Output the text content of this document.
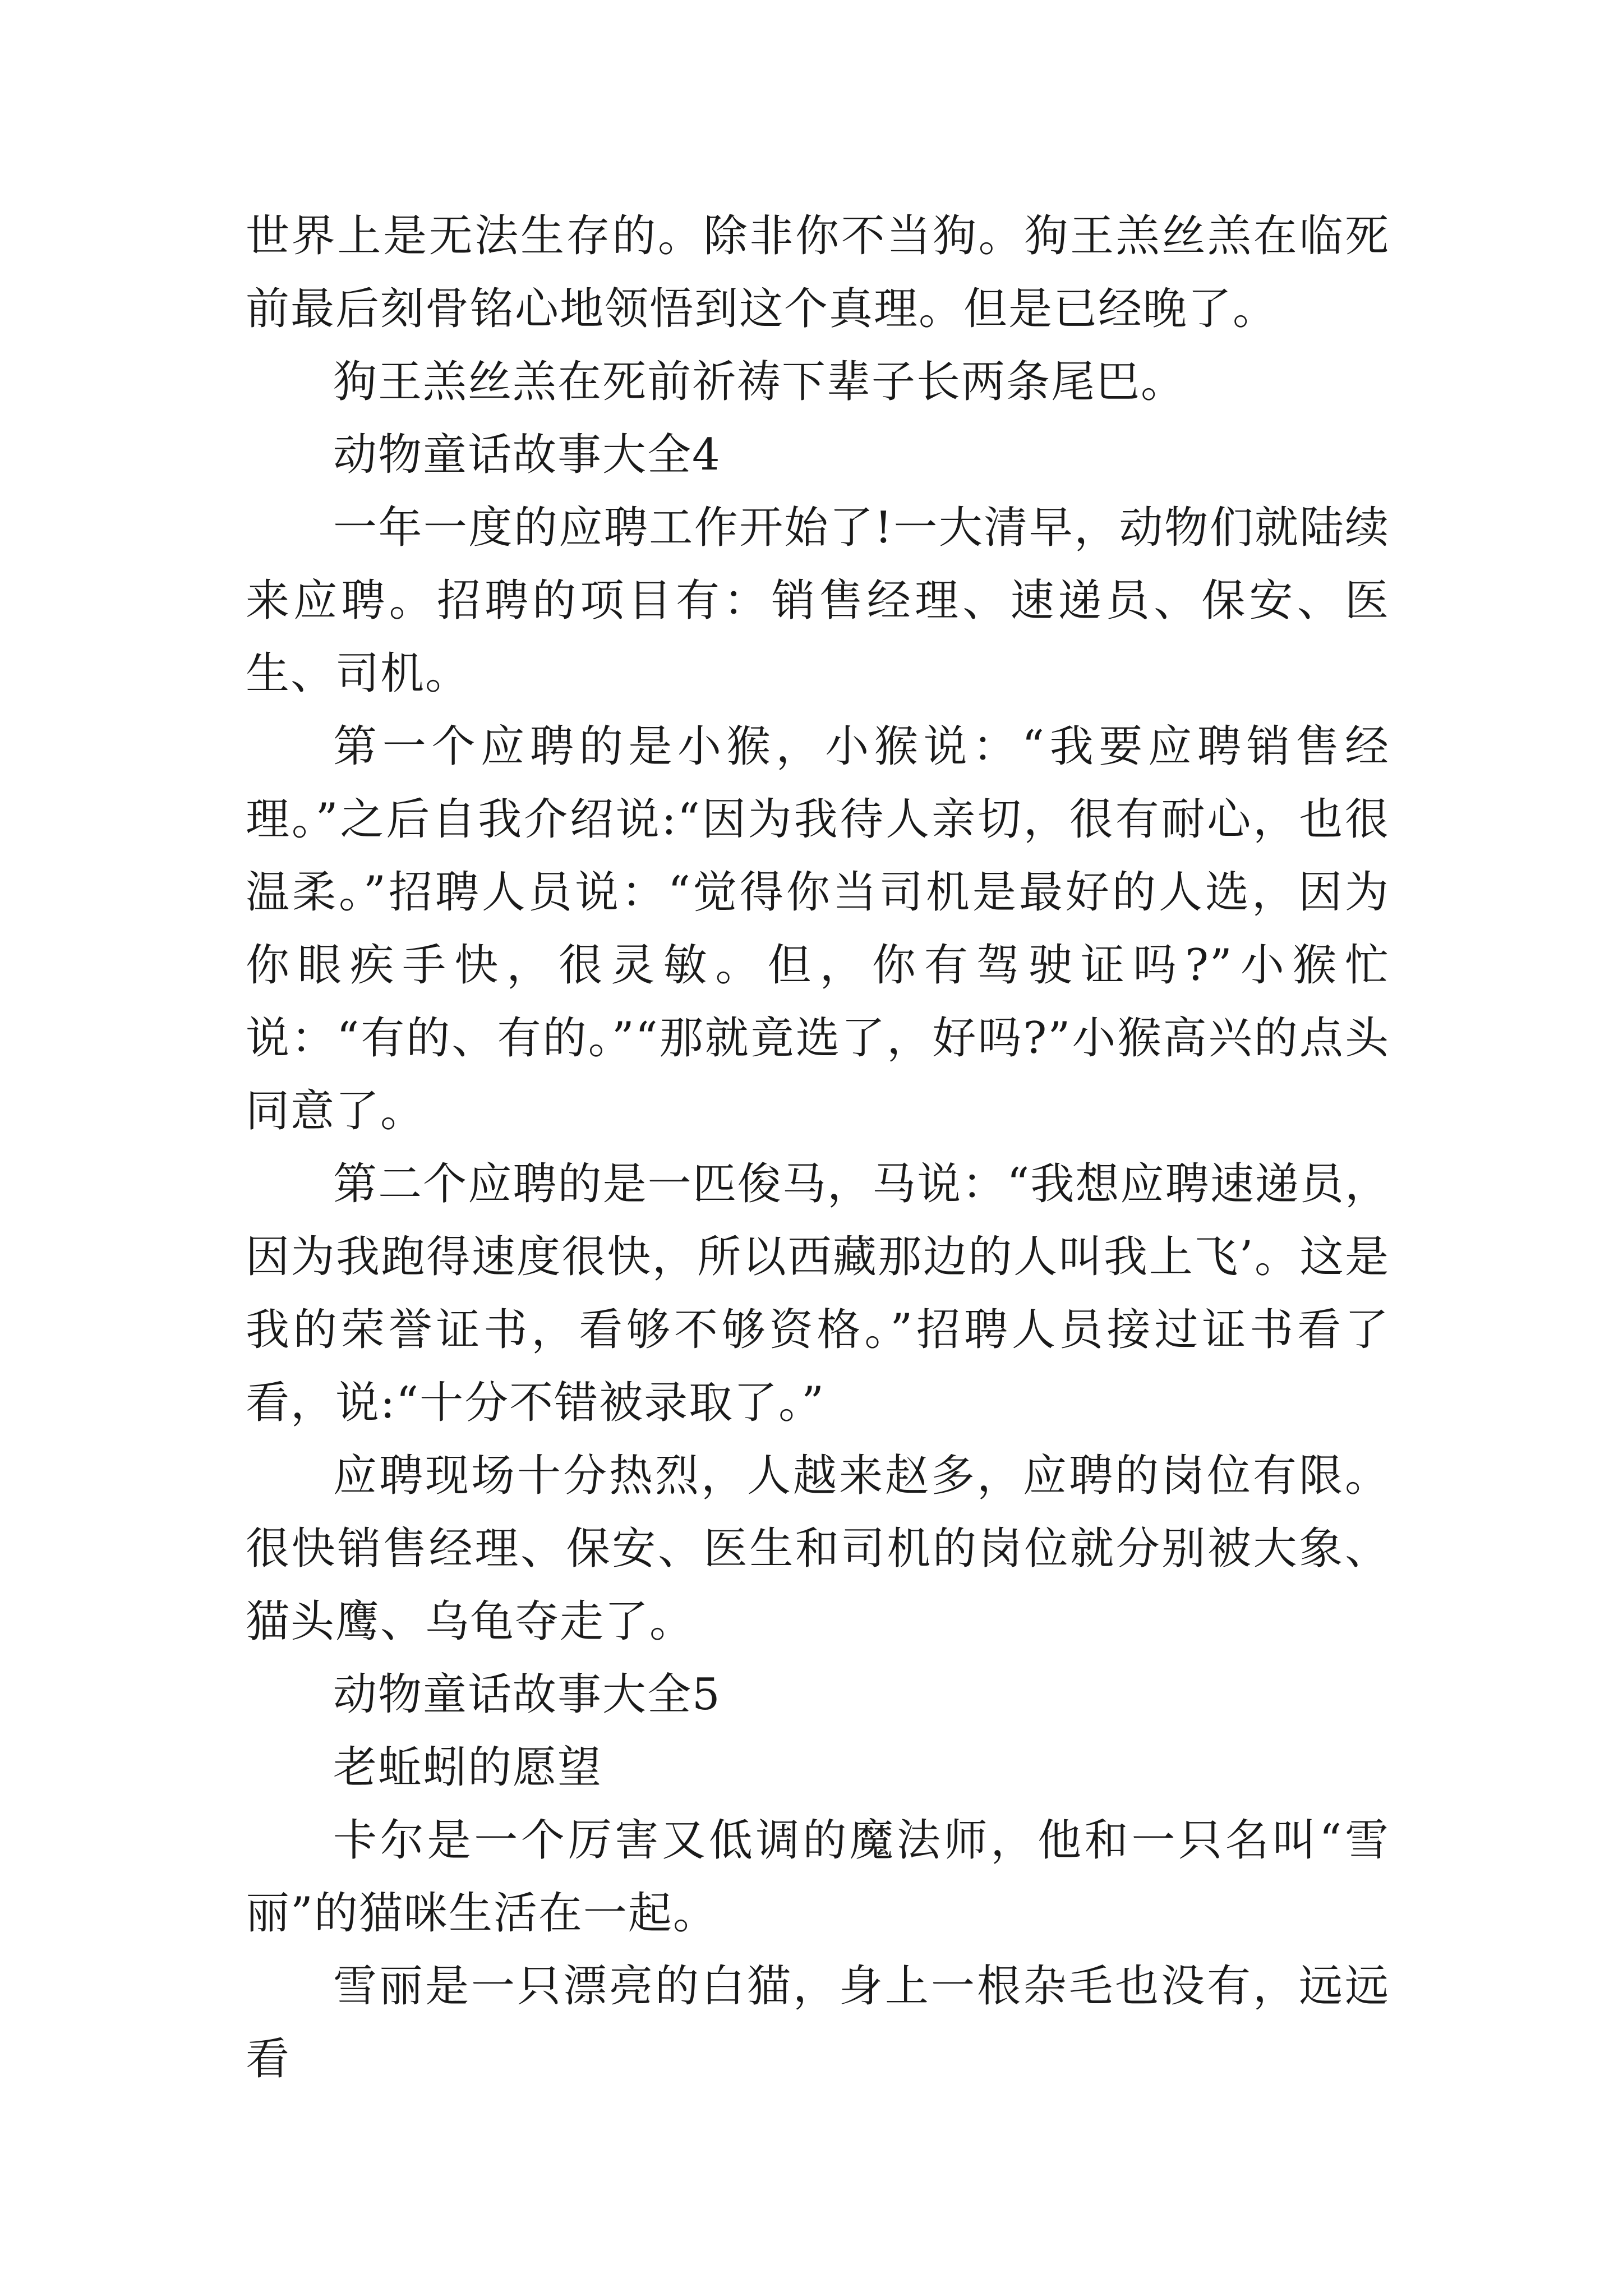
世界上是无法生存的。除非你不当狗。狗王羔丝羔在临死前最后刻骨铭心地领悟到这个真理。但是已经晚了。

狗王羔丝羔在死前祈祷下辈子长两条尾巴。

动物童话故事大全4

一年一度的应聘工作开始了!一大清早，动物们就陆续来应聘。招聘的项目有：销售经理、速递员、保安、医生、司机。

第一个应聘的是小猴，小猴说：“我要应聘销售经理。”之后自我介绍说:“因为我待人亲切，很有耐心，也很温柔。”招聘人员说：“觉得你当司机是最好的人选，因为你眼疾手快，很灵敏。但，你有驾驶证吗?”小猴忙说：“有的、有的。”“那就竟选了，好吗?”小猴高兴的点头同意了。

第二个应聘的是一匹俊马，马说：“我想应聘速递员，因为我跑得速度很快，所以西藏那边的人叫我上飞’。这是我的荣誉证书，看够不够资格。”招聘人员接过证书看了看，说:“十分不错被录取了。”

应聘现场十分热烈，人越来赵多，应聘的岗位有限。很快销售经理、保安、医生和司机的岗位就分别被大象、猫头鹰、乌龟夺走了。

动物童话故事大全5

老蚯蚓的愿望

卡尔是一个厉害又低调的魔法师，他和一只名叫“雪丽”的猫咪生活在一起。

雪丽是一只漂亮的白猫，身上一根杂毛也没有，远远看
